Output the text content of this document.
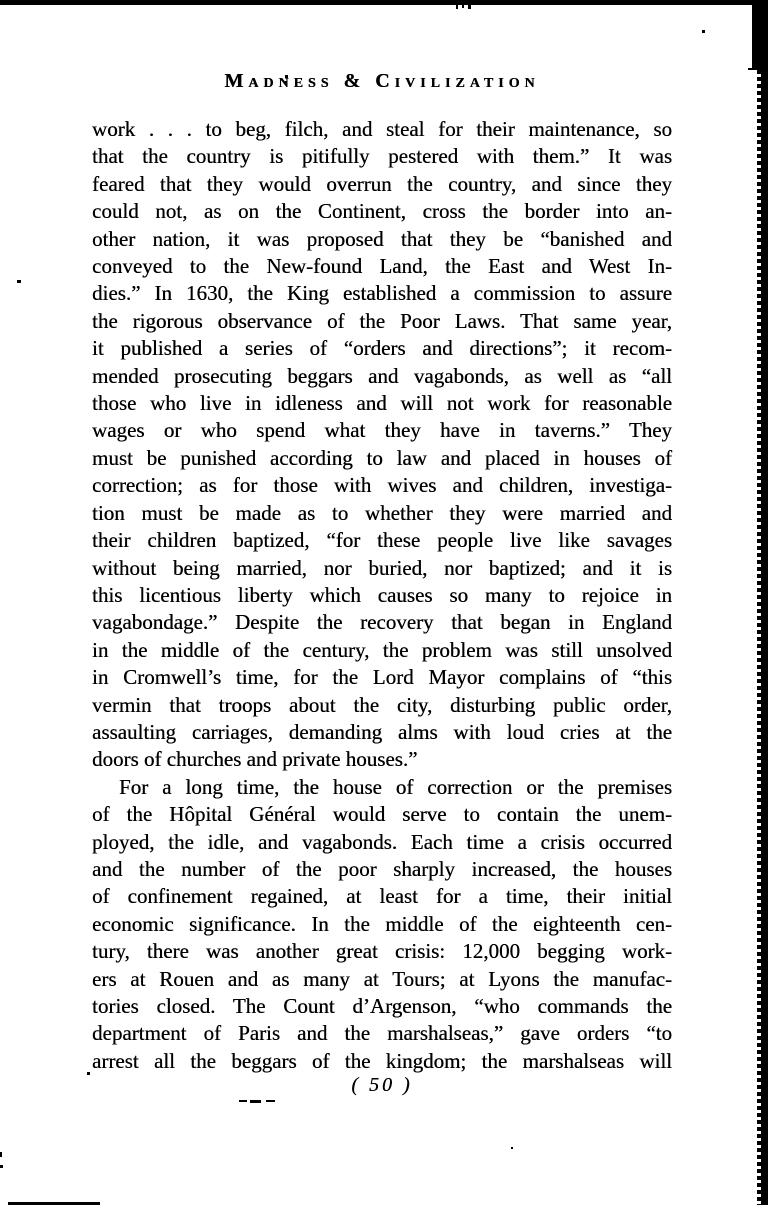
Madness & Civilization
work . . . to beg, filch, and steal for their maintenance, so
that the country is pitifully pestered with them.” It was
feared that they would overrun the country, and since they
could not, as on the Continent, cross the border into an-
other nation, it was proposed that they be “banished and
conveyed to the New-found Land, the East and West In-
dies.” In 1630, the King established a commission to assure
the rigorous observance of the Poor Laws. That same year,
it published a series of “orders and directions”; it recom-
mended prosecuting beggars and vagabonds, as well as “all
those who live in idleness and will not work for reasonable
wages or who spend what they have in taverns.” They
must be punished according to law and placed in houses of
correction; as for those with wives and children, investiga-
tion must be made as to whether they were married and
their children baptized, “for these people live like savages
without being married, nor buried, nor baptized; and it is
this licentious liberty which causes so many to rejoice in
vagabondage.” Despite the recovery that began in England
in the middle of the century, the problem was still unsolved
in Cromwell’s time, for the Lord Mayor complains of “this
vermin that troops about the city, disturbing public order,
assaulting carriages, demanding alms with loud cries at the
doors of churches and private houses.”
For a long time, the house of correction or the premises
of the Hôpital Général would serve to contain the unem-
ployed, the idle, and vagabonds. Each time a crisis occurred
and the number of the poor sharply increased, the houses
of confinement regained, at least for a time, their initial
economic significance. In the middle of the eighteenth cen-
tury, there was another great crisis: 12,000 begging work-
ers at Rouen and as many at Tours; at Lyons the manufac-
tories closed. The Count d’Argenson, “who commands the
department of Paris and the marshalseas,” gave orders “to
arrest all the beggars of the kingdom; the marshalseas will
( 50 )
